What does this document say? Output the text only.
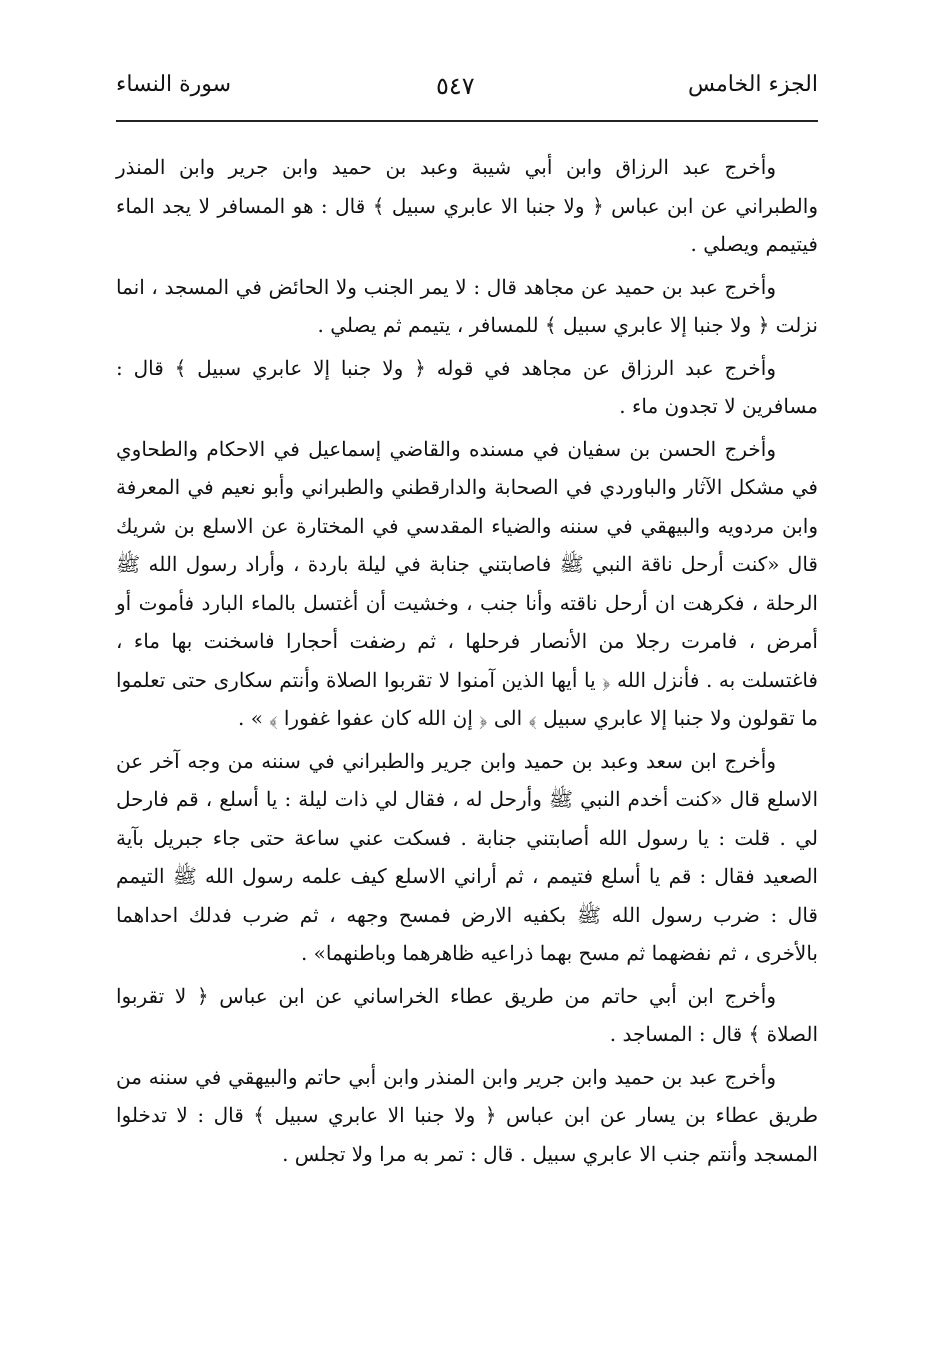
الجزء الخامس
٥٤٧
سورة النساء

وأخرج عبد الرزاق وابن أبي شيبة وعبد بن حميد وابن جرير وابن المنذر والطبراني عن ابن عباس ﴿ ولا جنبا الا عابري سبيل ﴾ قال : هو المسافر لا يجد الماء فيتيمم ويصلي .

وأخرج عبد بن حميد عن مجاهد قال : لا يمر الجنب ولا الحائض في المسجد ، انما نزلت ﴿ ولا جنبا إلا عابري سبيل ﴾ للمسافر ، يتيمم ثم يصلي .

وأخرج عبد الرزاق عن مجاهد في قوله ﴿ ولا جنبا إلا عابري سبيل ﴾ قال : مسافرين لا تجدون ماء .

وأخرج الحسن بن سفيان في مسنده والقاضي إسماعيل في الاحكام والطحاوي في مشكل الآثار والباوردي في الصحابة والدارقطني والطبراني وأبو نعيم في المعرفة وابن مردويه والبيهقي في سننه والضياء المقدسي في المختارة عن الاسلع بن شريك قال «كنت أرحل ناقة النبي ﷺ فاصابتني جنابة في ليلة باردة ، وأراد رسول الله ﷺ الرحلة ، فكرهت ان أرحل ناقته وأنا جنب ، وخشيت أن أغتسل بالماء البارد فأموت أو أمرض ، فامرت رجلا من الأنصار فرحلها ، ثم رضفت أحجارا فاسخنت بها ماء ، فاغتسلت به . فأنزل الله ﴿ يا أيها الذين آمنوا لا تقربوا الصلاة وأنتم سكارى حتى تعلموا ما تقولون ولا جنبا إلا عابري سبيل ﴾ الى ﴿ إن الله كان عفوا غفورا ﴾ » .

وأخرج ابن سعد وعبد بن حميد وابن جرير والطبراني في سننه من وجه آخر عن الاسلع قال «كنت أخدم النبي ﷺ وأرحل له ، فقال لي ذات ليلة : يا أسلع ، قم فارحل لي . قلت : يا رسول الله أصابتني جنابة . فسكت عني ساعة حتى جاء جبريل بآية الصعيد فقال : قم يا أسلع فتيمم ، ثم أراني الاسلع كيف علمه رسول الله ﷺ التيمم قال : ضرب رسول الله ﷺ بكفيه الارض فمسح وجهه ، ثم ضرب فدلك احداهما بالأخرى ، ثم نفضهما ثم مسح بهما ذراعيه ظاهرهما وباطنهما» .

وأخرج ابن أبي حاتم من طريق عطاء الخراساني عن ابن عباس ﴿ لا تقربوا الصلاة ﴾ قال : المساجد .

وأخرج عبد بن حميد وابن جرير وابن المنذر وابن أبي حاتم والبيهقي في سننه من طريق عطاء بن يسار عن ابن عباس ﴿ ولا جنبا الا عابري سبيل ﴾ قال : لا تدخلوا المسجد وأنتم جنب الا عابري سبيل . قال : تمر به مرا ولا تجلس .
